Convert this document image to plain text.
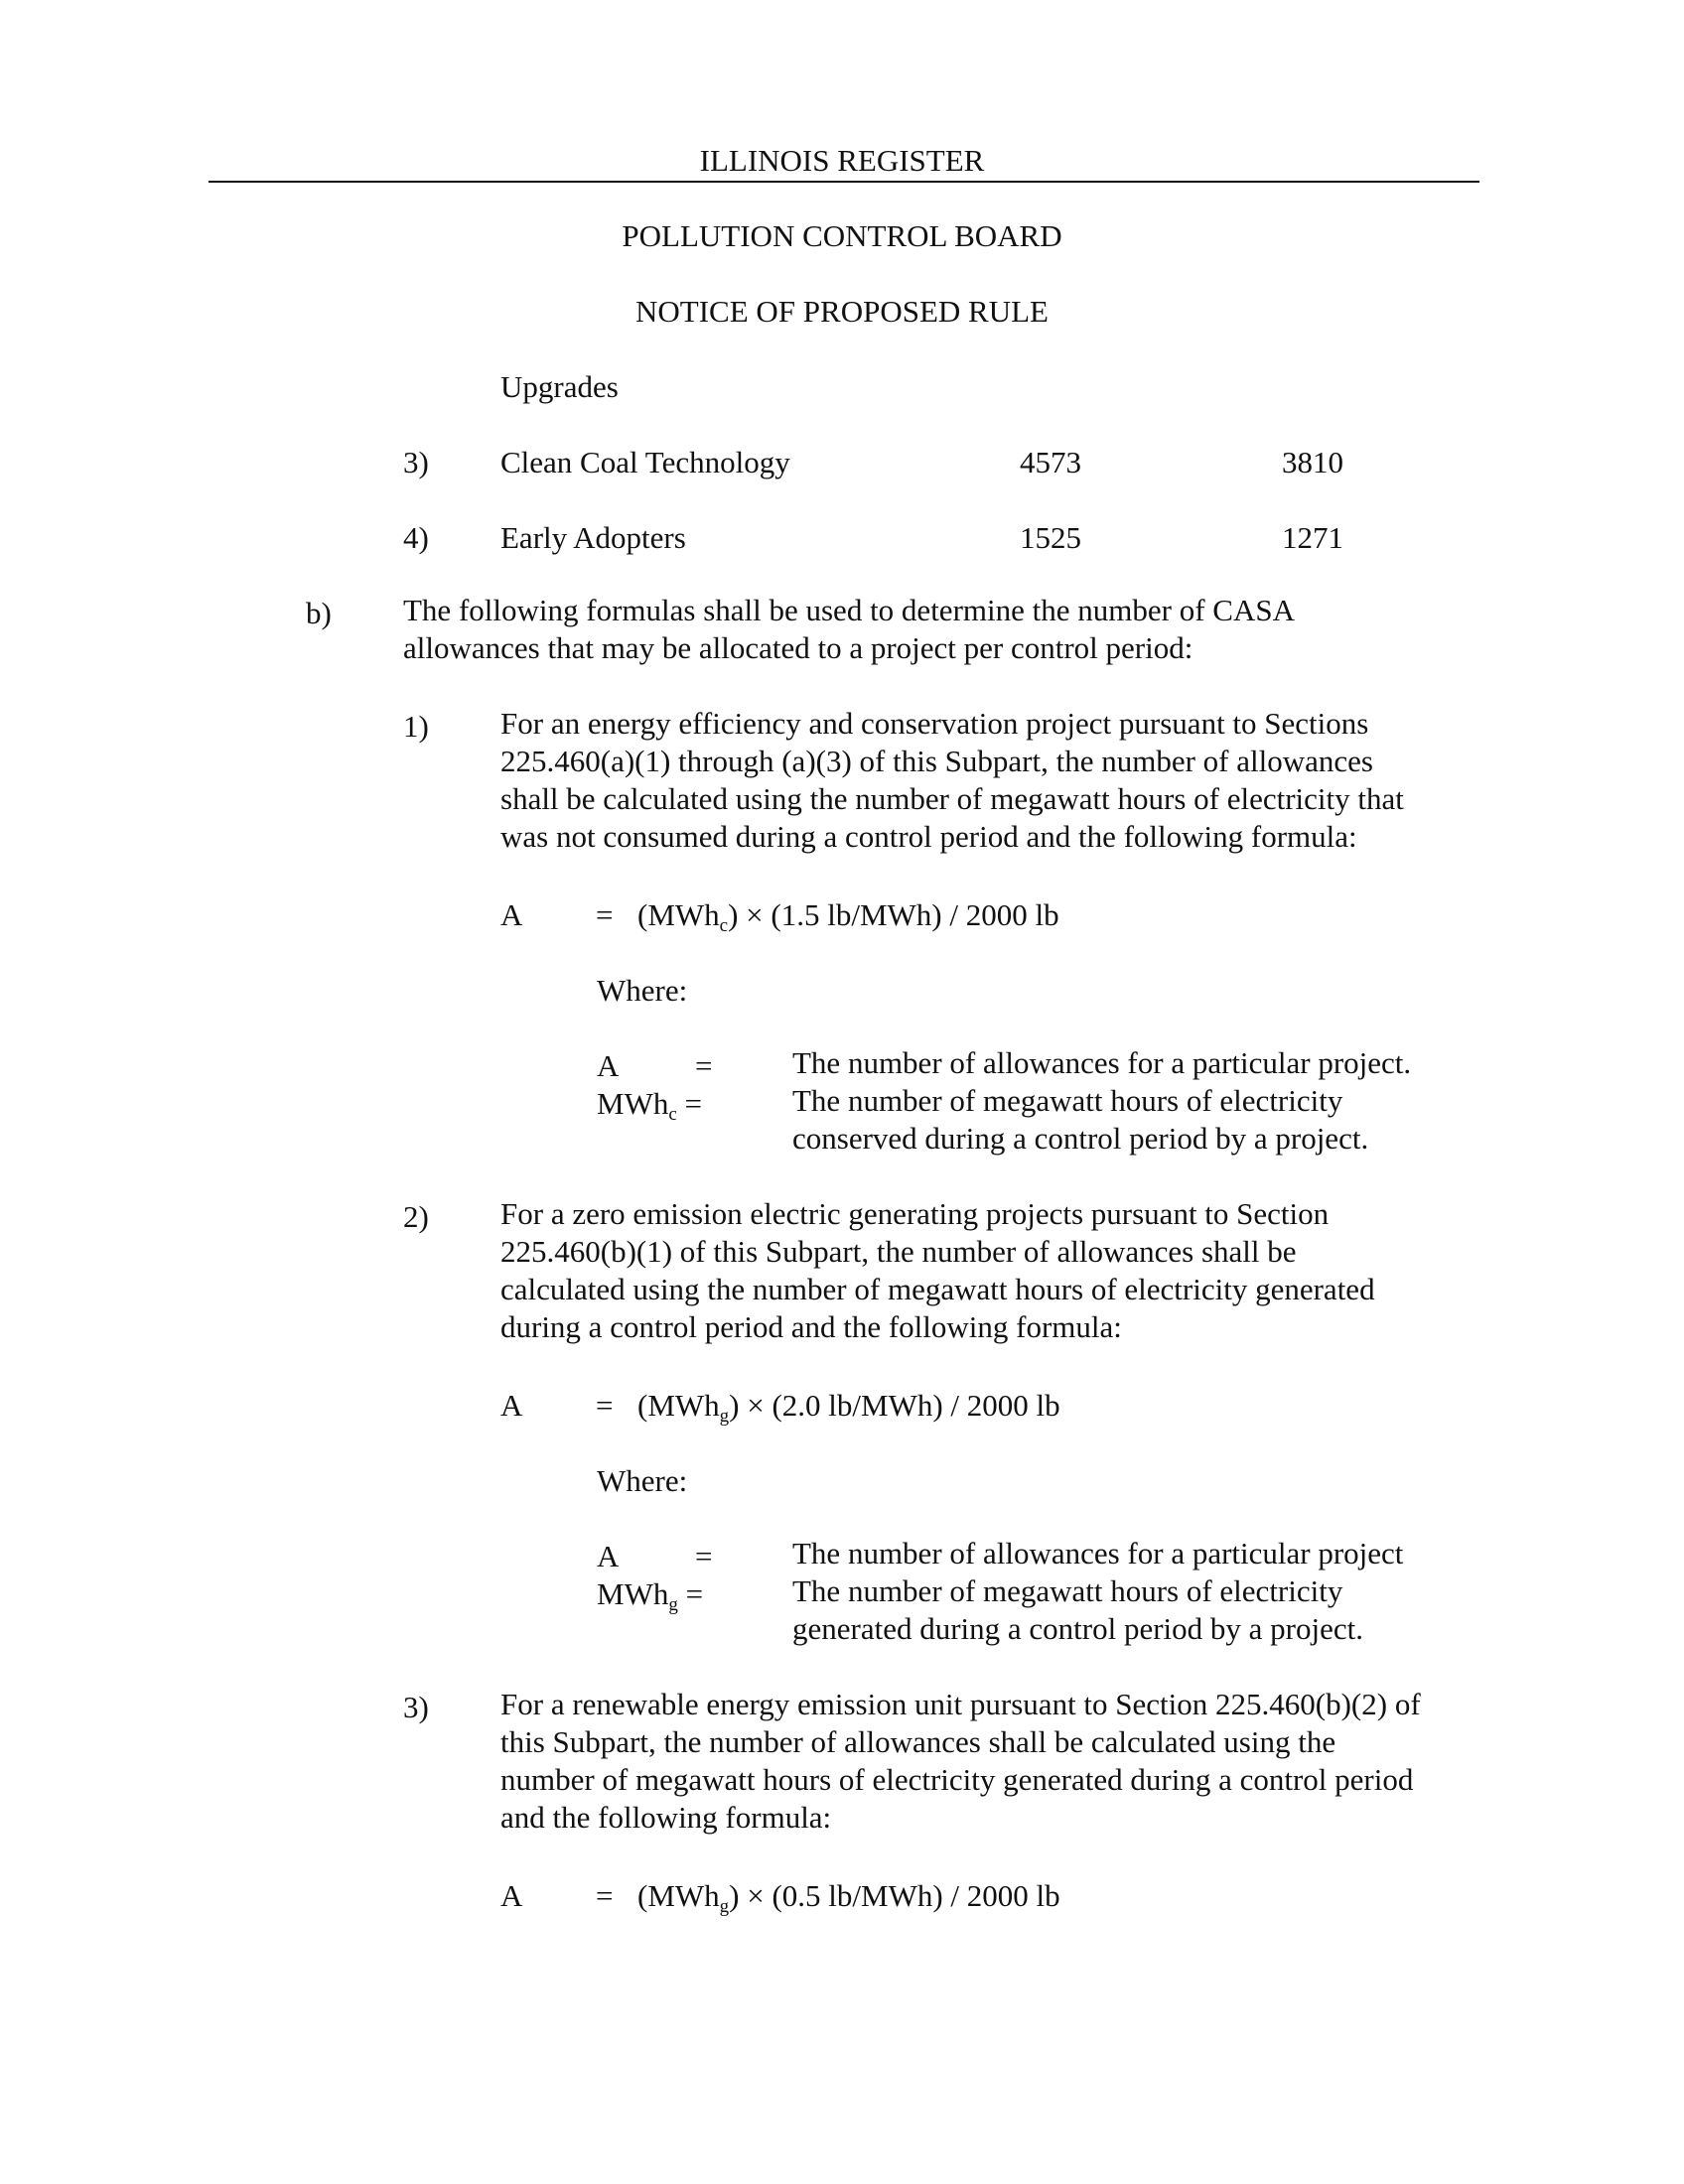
ILLINOIS REGISTER
POLLUTION CONTROL BOARD
NOTICE OF PROPOSED RULE
Upgrades
3) Clean Coal Technology	4573	3810
4) Early Adopters	1525	1271
b) The following formulas shall be used to determine the number of CASA
allowances that may be allocated to a project per control period:
1) For an energy efficiency and conservation project pursuant to Sections
225.460(a)(1) through (a)(3) of this Subpart, the number of allowances
shall be calculated using the number of megawatt hours of electricity that
was not consumed during a control period and the following formula:
A = (MWh$_c$) × (1.5 lb/MWh) / 2000 lb
Where:
A =	The number of allowances for a particular project.
MWh$_c$ =	The number of megawatt hours of electricity
conserved during a control period by a project.
2) For a zero emission electric generating projects pursuant to Section
225.460(b)(1) of this Subpart, the number of allowances shall be
calculated using the number of megawatt hours of electricity generated
during a control period and the following formula:
A = (MWh$_g$) × (2.0 lb/MWh) / 2000 lb
Where:
A =	The number of allowances for a particular project
MWh$_g$ =	The number of megawatt hours of electricity
generated during a control period by a project.
3) For a renewable energy emission unit pursuant to Section 225.460(b)(2) of
this Subpart, the number of allowances shall be calculated using the
number of megawatt hours of electricity generated during a control period
and the following formula:
A = (MWh$_g$) × (0.5 lb/MWh) / 2000 lb
